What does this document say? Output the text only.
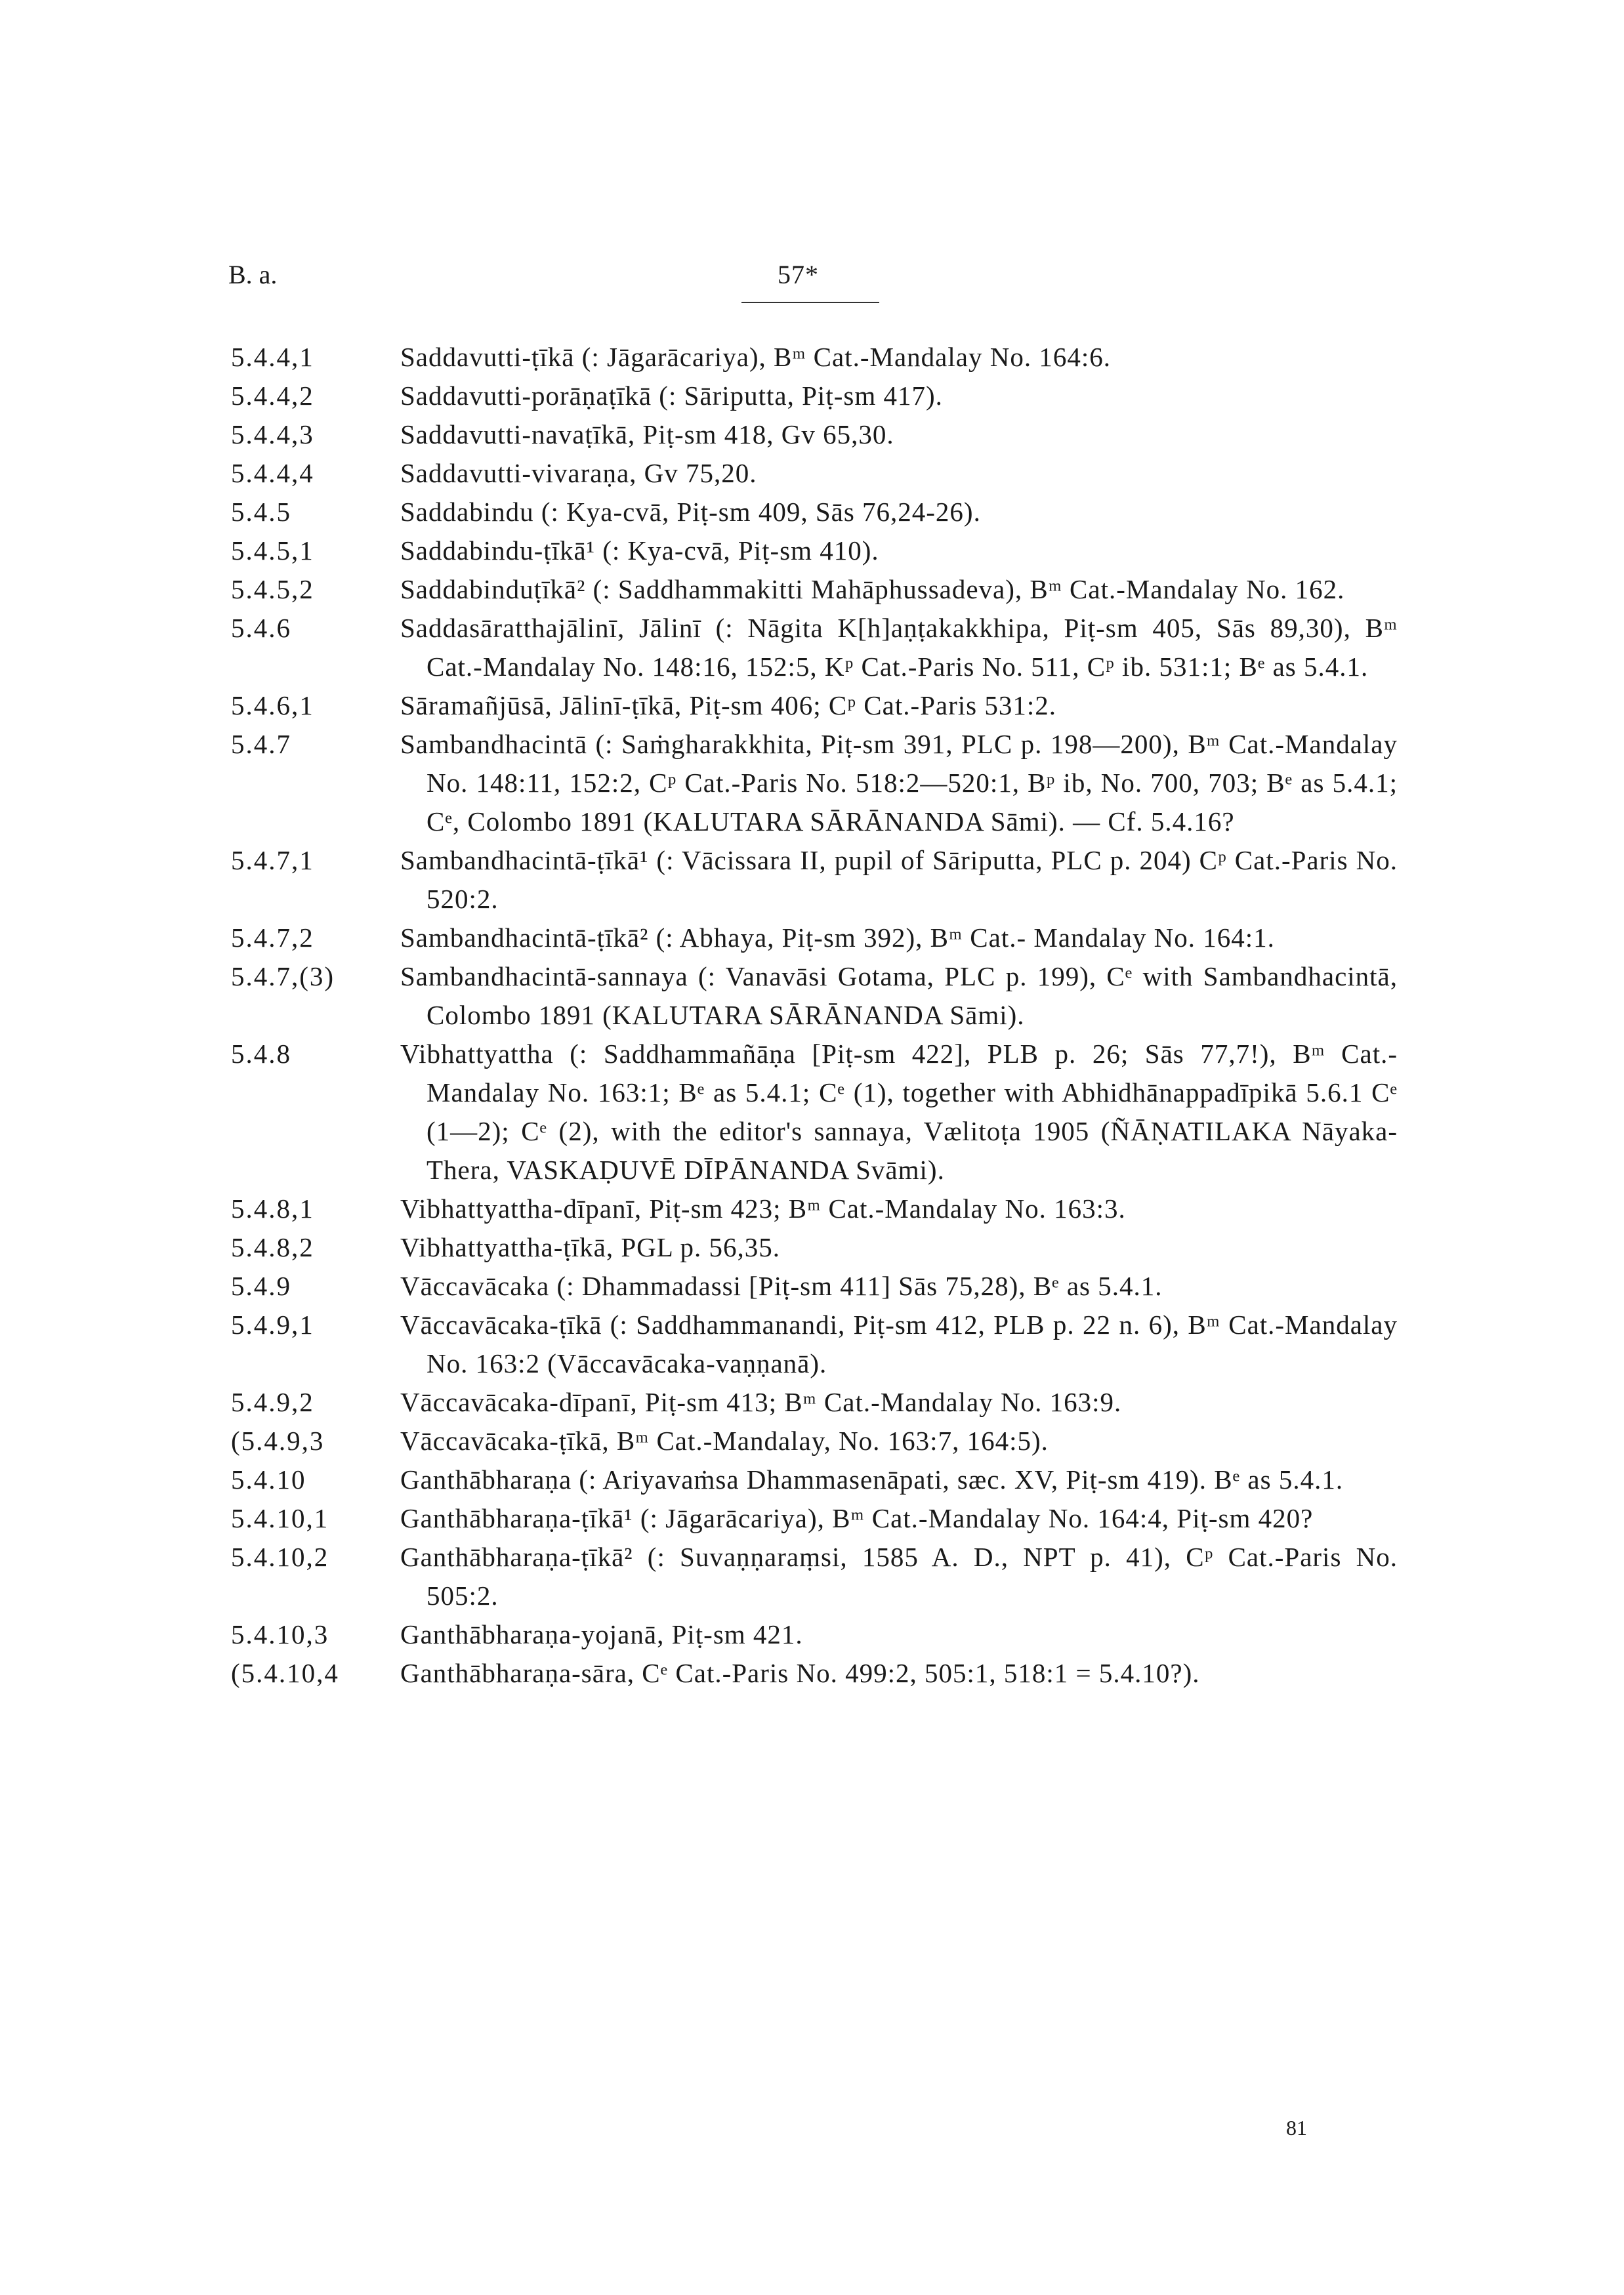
B. a.	57*
5.4.4,1	Saddavutti-ṭīkā (: Jāgarācariya), Bᵐ Cat.-Mandalay No. 164:6.
5.4.4,2	Saddavutti-porāṇaṭīkā (: Sāriputta, Piṭ-sm 417).
5.4.4,3	Saddavutti-navaṭīkā, Piṭ-sm 418, Gv 65,30.
5.4.4,4	Saddavutti-vivaraṇa, Gv 75,20.
5.4.5	Saddabindu (: Kya-cvā, Piṭ-sm 409, Sās 76,24-26).
5.4.5,1	Saddabindu-ṭīkā¹ (: Kya-cvā, Piṭ-sm 410).
5.4.5,2	Saddabinduṭīkā² (: Saddhammakitti Mahāphussadeva), Bᵐ Cat.-Mandalay No. 162.
5.4.6	Saddasāratthajālinī, Jālinī (: Nāgita K[h]aṇṭakakkhipa, Piṭ-sm 405, Sās 89,30), Bᵐ Cat.-Mandalay No. 148:16, 152:5, Kᵖ Cat.-Paris No. 511, Cᵖ ib. 531:1; Bᵉ as 5.4.1.
5.4.6,1	Sāramañjūsā, Jālinī-ṭīkā, Piṭ-sm 406; Cᵖ Cat.-Paris 531:2.
5.4.7	Sambandhacintā (: Saṁgharakkhita, Piṭ-sm 391, PLC p. 198—200), Bᵐ Cat.-Mandalay No. 148:11, 152:2, Cᵖ Cat.-Paris No. 518:2—520:1, Bᵖ ib, No. 700, 703; Bᵉ as 5.4.1; Cᵉ, Colombo 1891 (KALUTARA SĀRĀNANDA Sāmi). — Cf. 5.4.16?
5.4.7,1	Sambandhacintā-ṭīkā¹ (: Vācissara II, pupil of Sāriputta, PLC p. 204) Cᵖ Cat.-Paris No. 520:2.
5.4.7,2	Sambandhacintā-ṭīkā² (: Abhaya, Piṭ-sm 392), Bᵐ Cat.- Mandalay No. 164:1.
5.4.7,(3)	Sambandhacintā-sannaya (: Vanavāsi Gotama, PLC p. 199), Cᵉ with Sambandhacintā, Colombo 1891 (KALUTARA SĀRĀNANDA Sāmi).
5.4.8	Vibhattyattha (: Saddhammañāṇa [Piṭ-sm 422], PLB p. 26; Sās 77,7!), Bᵐ Cat.-Mandalay No. 163:1; Bᵉ as 5.4.1; Cᵉ (1), together with Abhidhānappadīpikā 5.6.1 Cᵉ (1—2); Cᵉ (2), with the editor's sannaya, Vælitoṭa 1905 (ÑĀṆATILAKA Nāyaka-Thera, VASKAḌUVĒ DĪPĀNANDA Svāmi).
5.4.8,1	Vibhattyattha-dīpanī, Piṭ-sm 423; Bᵐ Cat.-Mandalay No. 163:3.
5.4.8,2	Vibhattyattha-ṭīkā, PGL p. 56,35.
5.4.9	Vāccavācaka (: Dhammadassi [Piṭ-sm 411] Sās 75,28), Bᵉ as 5.4.1.
5.4.9,1	Vāccavācaka-ṭīkā (: Saddhammanandi, Piṭ-sm 412, PLB p. 22 n. 6), Bᵐ Cat.-Mandalay No. 163:2 (Vāccavācaka-vaṇṇanā).
5.4.9,2	Vāccavācaka-dīpanī, Piṭ-sm 413; Bᵐ Cat.-Mandalay No. 163:9.
(5.4.9,3	Vāccavācaka-ṭīkā, Bᵐ Cat.-Mandalay, No. 163:7, 164:5).
5.4.10	Ganthābharaṇa (: Ariyavaṁsa Dhammasenāpati, sæc. XV, Piṭ-sm 419). Bᵉ as 5.4.1.
5.4.10,1	Ganthābharaṇa-ṭīkā¹ (: Jāgarācariya), Bᵐ Cat.-Mandalay No. 164:4, Piṭ-sm 420?
5.4.10,2	Ganthābharaṇa-ṭīkā² (: Suvaṇṇaraṃsi, 1585 A. D., NPT p. 41), Cᵖ Cat.-Paris No. 505:2.
5.4.10,3	Ganthābharaṇa-yojanā, Piṭ-sm 421.
(5.4.10,4	Ganthābharaṇa-sāra, Cᵉ Cat.-Paris No. 499:2, 505:1, 518:1 = 5.4.10?).
81
